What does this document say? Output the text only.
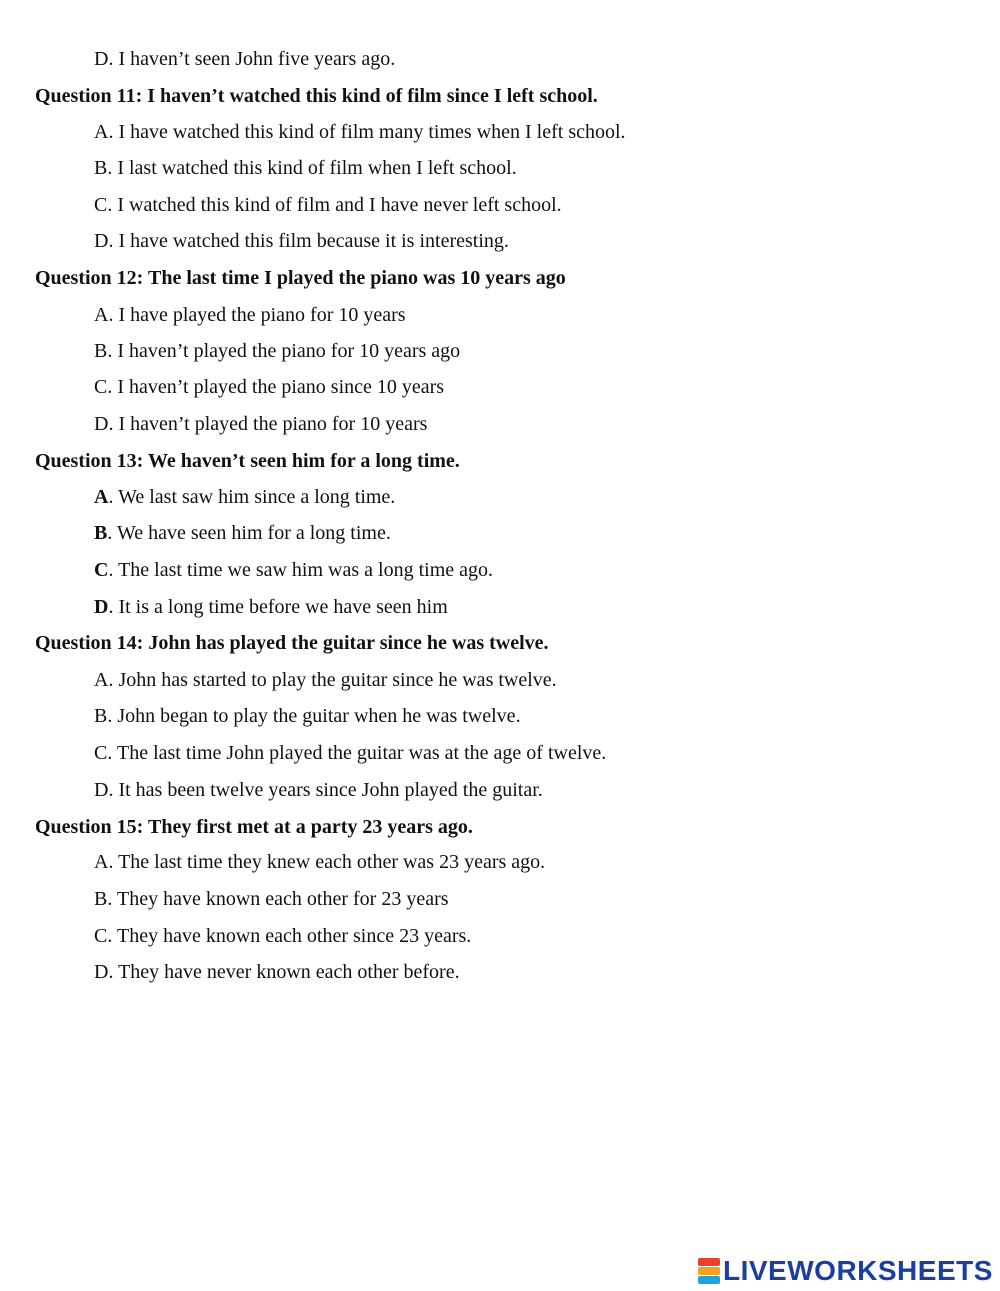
D. I haven’t seen John five years ago.
Question 11: I haven’t watched this kind of film since I left school.
A. I have watched this kind of film many times when I left school.
B. I last watched this kind of film when I left school.
C. I watched this kind of film and I have never left school.
D. I have watched this film because it is interesting.
Question 12: The last time I played the piano was 10 years ago
A. I have played the piano for 10 years
B. I haven’t played the piano for 10 years ago
C. I haven’t played the piano since 10 years
D. I haven’t played the piano for 10 years
Question 13: We haven’t seen him for a long time.
A. We last saw him since a long time.
B. We have seen him for a long time.
C. The last time we saw him was a long time ago.
D. It is a long time before we have seen him
Question 14: John has played the guitar since he was twelve.
A. John has started to play the guitar since he was twelve.
B. John began to play the guitar when he was twelve.
C. The last time John played the guitar was at the age of twelve.
D. It has been twelve years since John played the guitar.
Question 15: They first met at a party 23 years ago.
A. The last time they knew each other was 23 years ago.
B. They have known each other for 23 years
C. They have known each other since 23 years.
D. They have never known each other before.
LIVEWORKSHEETS
